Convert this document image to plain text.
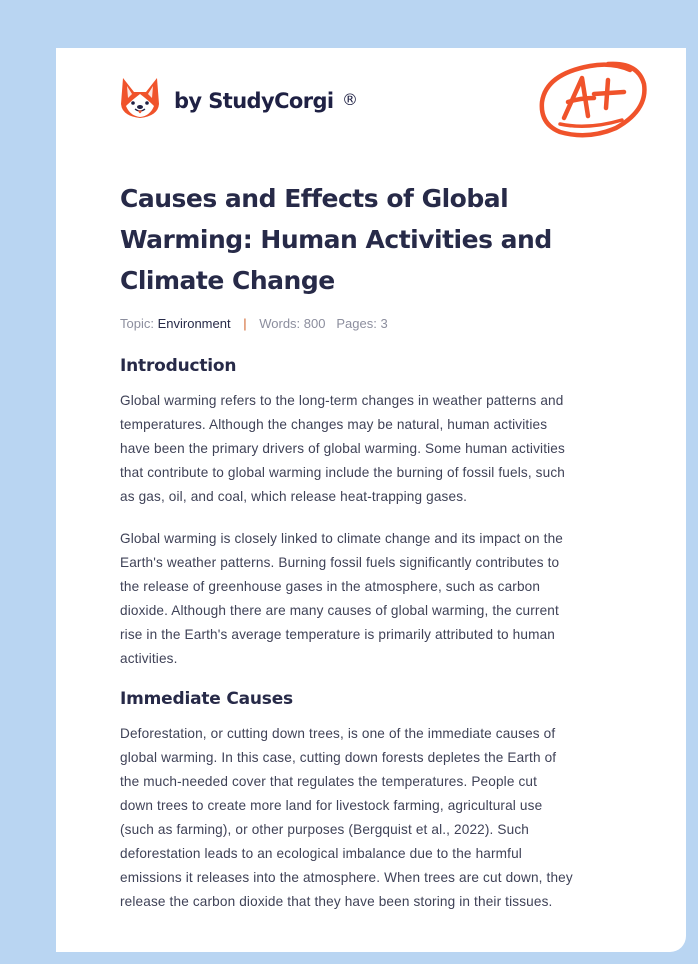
by StudyCorgi ®
Causes and Effects of Global
Warming: Human Activities and
Climate Change
Topic: Environment | Words: 800 Pages: 3
Introduction

Global warming refers to the long-term changes in weather patterns and
temperatures. Although the changes may be natural, human activities
have been the primary drivers of global warming. Some human activities
that contribute to global warming include the burning of fossil fuels, such
as gas, oil, and coal, which release heat-trapping gases.

Global warming is closely linked to climate change and its impact on the
Earth's weather patterns. Burning fossil fuels significantly contributes to
the release of greenhouse gases in the atmosphere, such as carbon
dioxide. Although there are many causes of global warming, the current
rise in the Earth's average temperature is primarily attributed to human
activities.

Immediate Causes

Deforestation, or cutting down trees, is one of the immediate causes of
global warming. In this case, cutting down forests depletes the Earth of
the much-needed cover that regulates the temperatures. People cut
down trees to create more land for livestock farming, agricultural use
(such as farming), or other purposes (Bergquist et al., 2022). Such
deforestation leads to an ecological imbalance due to the harmful
emissions it releases into the atmosphere. When trees are cut down, they
release the carbon dioxide that they have been storing in their tissues.
